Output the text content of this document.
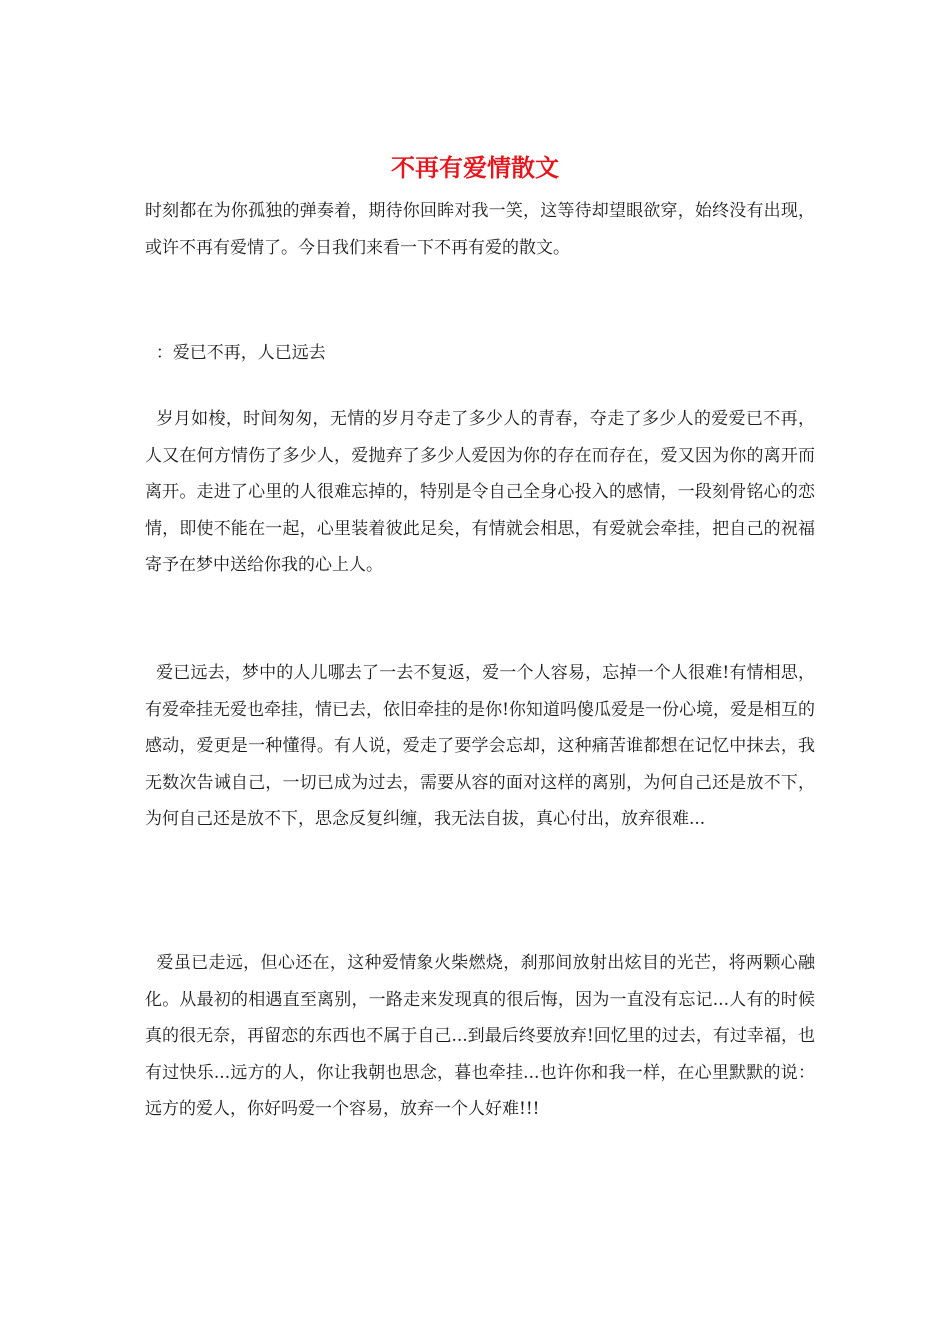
不再有爱情散文

时刻都在为你孤独的弹奏着，期待你回眸对我一笑，这等待却望眼欲穿，始终没有出现，或许不再有爱情了。今日我们来看一下不再有爱的散文。

：爱已不再，人已远去

岁月如梭，时间匆匆，无情的岁月夺走了多少人的青春，夺走了多少人的爱爱已不再，人又在何方情伤了多少人，爱抛弃了多少人爱因为你的存在而存在，爱又因为你的离开而离开。走进了心里的人很难忘掉的，特别是令自己全身心投入的感情，一段刻骨铭心的恋情，即使不能在一起，心里装着彼此足矣，有情就会相思，有爱就会牵挂，把自己的祝福寄予在梦中送给你我的心上人。

爱已远去，梦中的人儿哪去了一去不复返，爱一个人容易，忘掉一个人很难!有情相思，有爱牵挂无爱也牵挂，情已去，依旧牵挂的是你!你知道吗傻瓜爱是一份心境，爱是相互的感动，爱更是一种懂得。有人说，爱走了要学会忘却，这种痛苦谁都想在记忆中抹去，我无数次告诫自己，一切已成为过去，需要从容的面对这样的离别，为何自己还是放不下，为何自己还是放不下，思念反复纠缠，我无法自拔，真心付出，放弃很难...

爱虽已走远，但心还在，这种爱情象火柴燃烧，刹那间放射出炫目的光芒，将两颗心融化。从最初的相遇直至离别，一路走来发现真的很后悔，因为一直没有忘记...人有的时候真的很无奈，再留恋的东西也不属于自己...到最后终要放弃!回忆里的过去，有过幸福，也有过快乐...远方的人，你让我朝也思念，暮也牵挂...也许你和我一样，在心里默默的说：远方的爱人，你好吗爱一个容易，放弃一个人好难!!!
